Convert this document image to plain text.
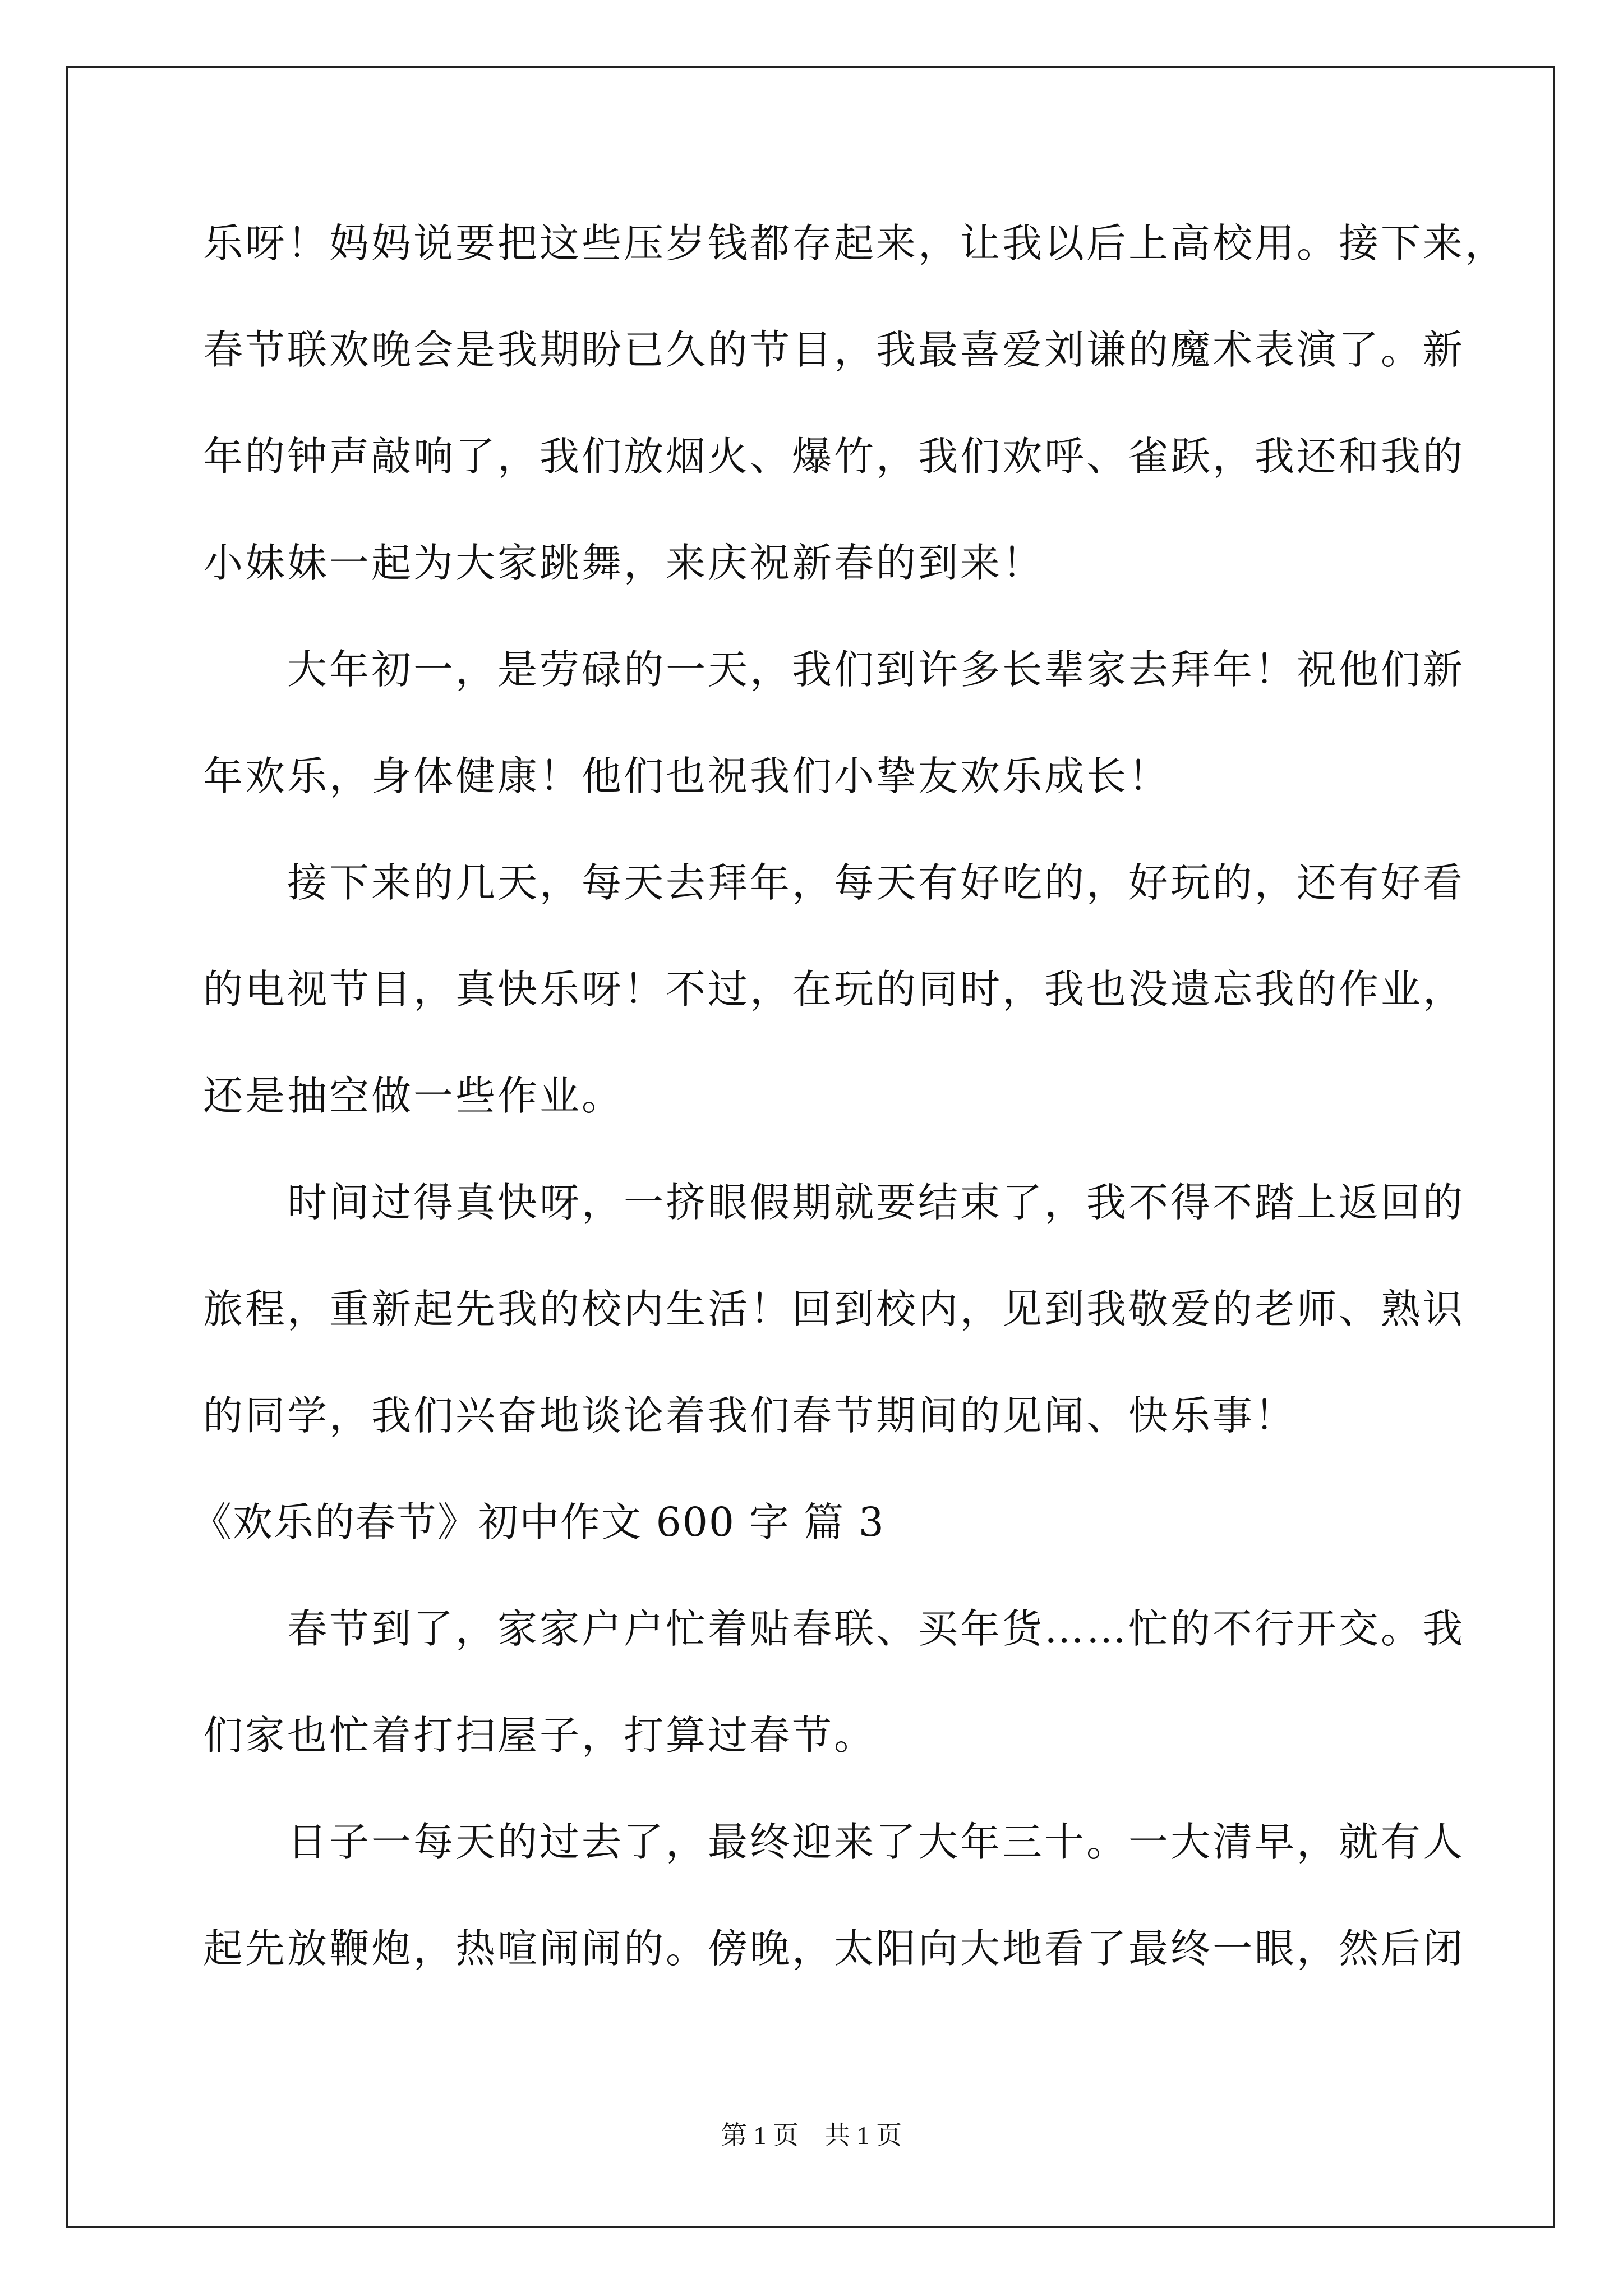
乐呀！妈妈说要把这些压岁钱都存起来，让我以后上高校用。接下来，
春节联欢晚会是我期盼已久的节目，我最喜爱刘谦的魔术表演了。新
年的钟声敲响了，我们放烟火、爆竹，我们欢呼、雀跃，我还和我的
小妹妹一起为大家跳舞，来庆祝新春的到来！
　　大年初一，是劳碌的一天，我们到许多长辈家去拜年！祝他们新
年欢乐，身体健康！他们也祝我们小挚友欢乐成长！
　　接下来的几天，每天去拜年，每天有好吃的，好玩的，还有好看
的电视节目，真快乐呀！不过，在玩的同时，我也没遗忘我的作业，
还是抽空做一些作业。
　　时间过得真快呀，一挤眼假期就要结束了，我不得不踏上返回的
旅程，重新起先我的校内生活！回到校内，见到我敬爱的老师、熟识
的同学，我们兴奋地谈论着我们春节期间的见闻、快乐事！
《欢乐的春节》初中作文 600 字 篇 3
　　春节到了，家家户户忙着贴春联、买年货……忙的不行开交。我
们家也忙着打扫屋子，打算过春节。
　　日子一每天的过去了，最终迎来了大年三十。一大清早，就有人
起先放鞭炮，热喧闹闹的。傍晚，太阳向大地看了最终一眼，然后闭
第 1 页　共 1 页
